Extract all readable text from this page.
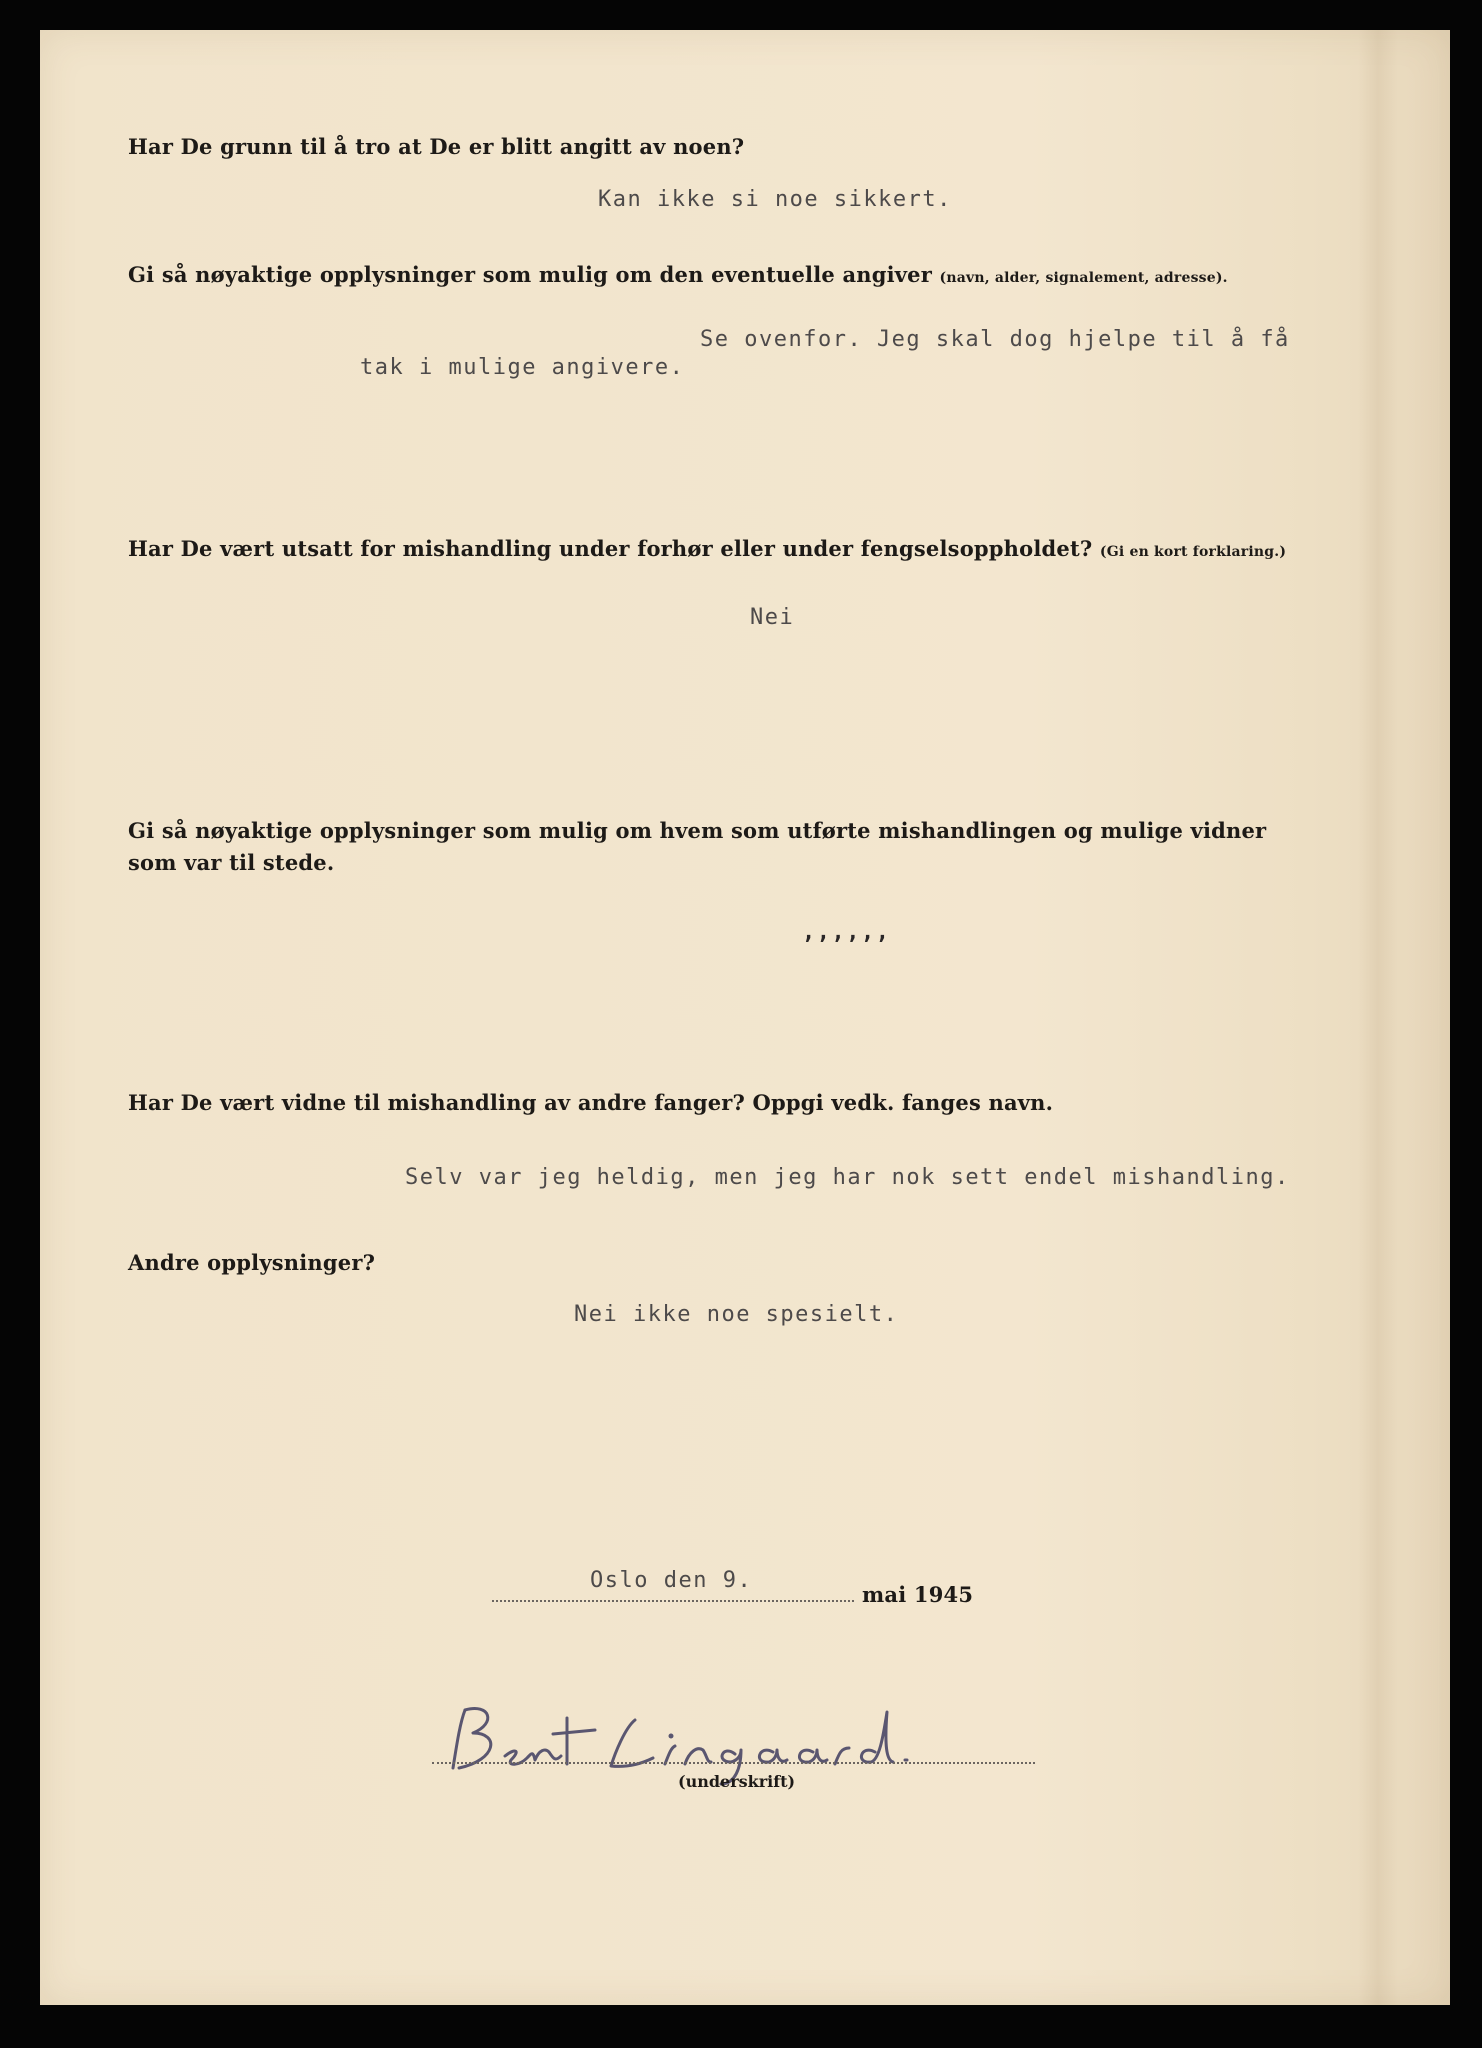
Har De grunn til å tro at De er blitt angitt av noen?
Kan ikke si noe sikkert.
Gi så nøyaktige opplysninger som mulig om den eventuelle angiver (navn, alder, signalement, adresse).
Se ovenfor. Jeg skal dog hjelpe til å få
tak i mulige angivere.
Har De vært utsatt for mishandling under forhør eller under fengselsoppholdet? (Gi en kort forklaring.)
Nei
Gi så nøyaktige opplysninger som mulig om hvem som utførte mishandlingen og mulige vidner
som var til stede.
,,,,,,
Har De vært vidne til mishandling av andre fanger? Oppgi vedk. fanges navn.
Selv var jeg heldig, men jeg har nok sett endel mishandling.
Andre opplysninger?
Nei ikke noe spesielt.
Oslo den 9.
mai 1945
(underskrift)
